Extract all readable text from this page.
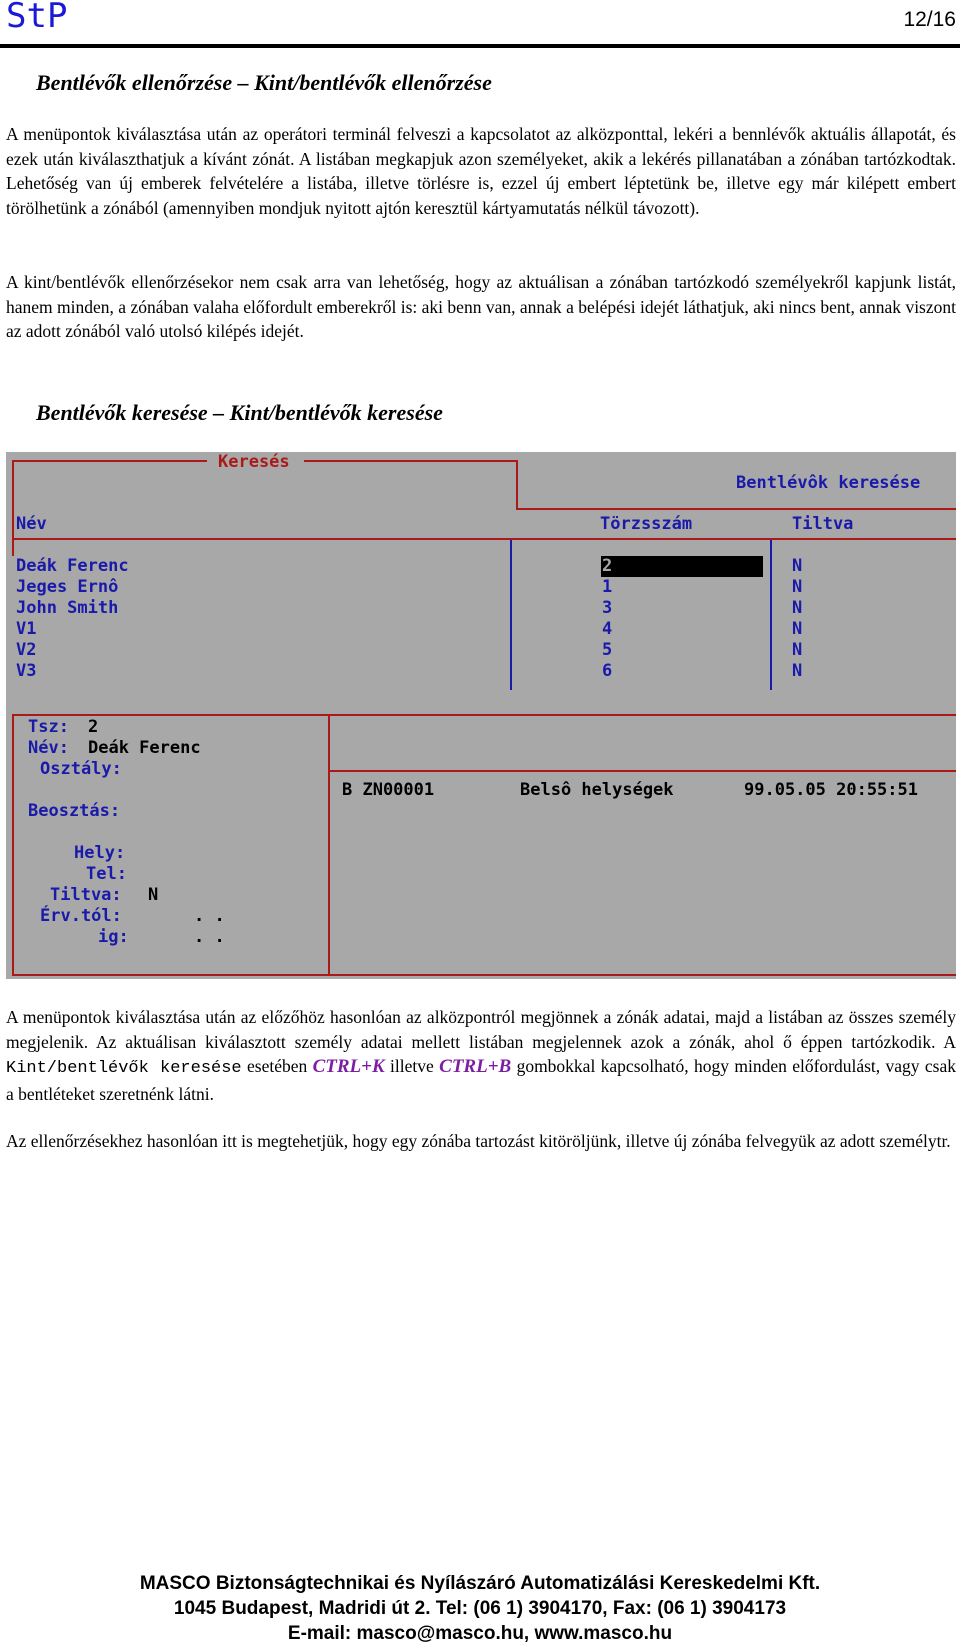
StP	12/16
Bentlévők ellenőrzése – Kint/bentlévők ellenőrzése

A menüpontok kiválasztása után az operátori terminál felveszi a kapcsolatot az alközponttal, lekéri a bennlévők aktuális állapotát, és ezek után kiválaszthatjuk a kívánt zónát. A listában megkapjuk azon személyeket, akik a lekérés pillanatában a zónában tartózkodtak. Lehetőség van új emberek felvételére a listába, illetve törlésre is, ezzel új embert léptetünk be, illetve egy már kilépett embert törölhetünk a zónából (amennyiben mondjuk nyitott ajtón keresztül kártyamutatás nélkül távozott).

A kint/bentlévők ellenőrzésekor nem csak arra van lehetőség, hogy az aktuálisan a zónában tartózkodó személyekről kapjunk listát, hanem minden, a zónában valaha előfordult emberekről is: aki benn van, annak a belépési idejét láthatjuk, aki nincs bent, annak viszont az adott zónából való utolsó kilépés idejét.

Bentlévők keresése – Kint/bentlévők keresése
Keresés
Bentlévôk keresése
Név	Törzsszám	Tiltva
Deák Ferenc	2	N
Jeges Ernô	1	N
John Smith	3	N
V1	4	N
V2	5	N
V3	6	N
Tsz: 2
Név: Deák Ferenc
Osztály:
Beosztás:
Hely:
Tel:
Tiltva: N
Érv.tól:	. .
ig:	. .
B ZN00001	Belsô helységek	99.05.05 20:55:51

A menüpontok kiválasztása után az előzőhöz hasonlóan az alközpontról megjönnek a zónák adatai, majd a listában az összes személy megjelenik. Az aktuálisan kiválasztott személy adatai mellett listában megjelennek azok a zónák, ahol ő éppen tartózkodik. A Kint/bentlévők keresése esetében CTRL+K illetve CTRL+B gombokkal kapcsolható, hogy minden előfordulást, vagy csak a bentléteket szeretnénk látni.

Az ellenőrzésekhez hasonlóan itt is megtehetjük, hogy egy zónába tartozást kitöröljünk, illetve új zónába felvegyük az adott személytr.

MASCO Biztonságtechnikai és Nyílászáró Automatizálási Kereskedelmi Kft.
1045 Budapest, Madridi út 2. Tel: (06 1) 3904170, Fax: (06 1) 3904173
E-mail: masco@masco.hu, www.masco.hu
